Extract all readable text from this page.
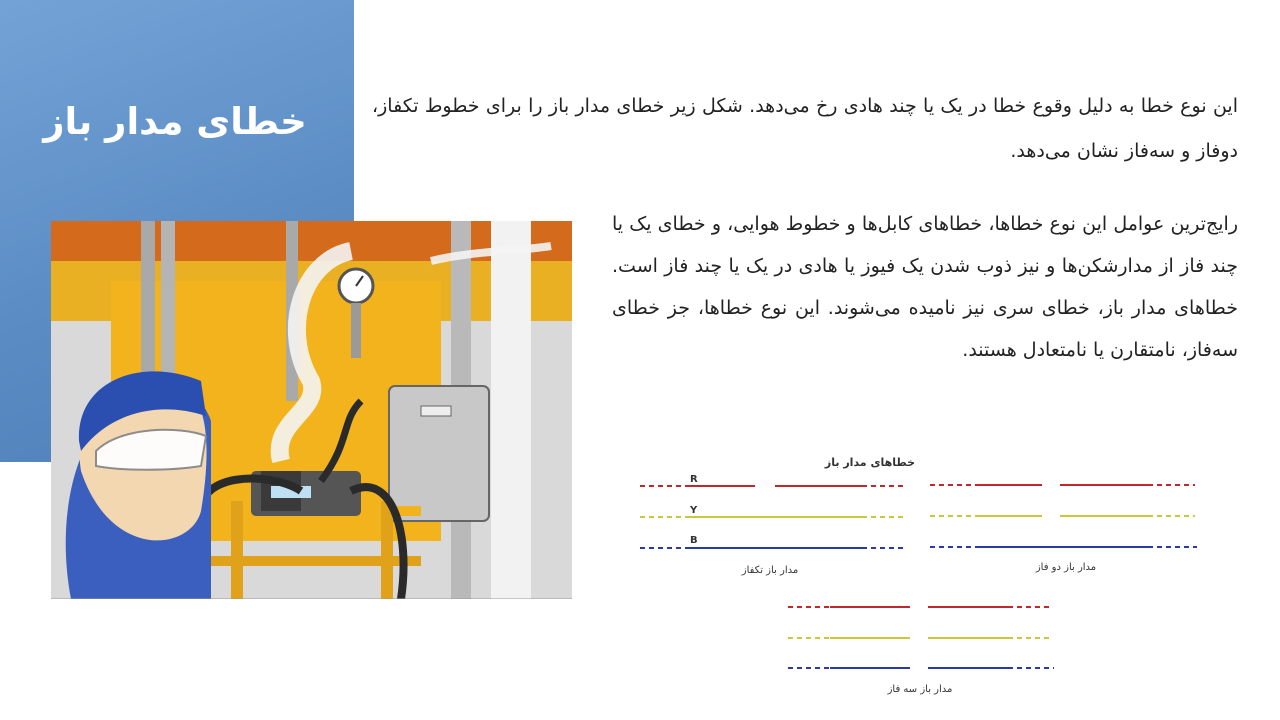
خطای مدار باز	این نوع خطا به دلیل وقوع خطا در یک یا چند هادی رخ می‌دهد. شکل زیر خطای مدار باز را برای خطوط تکفاز، دوفاز و سه‌فاز نشان می‌دهد.

رایج‌ترین عوامل این نوع خطاها، خطاهای کابل‌ها و خطوط هوایی، و خطای یک یا چند فاز از مدارشکن‌ها و نیز ذوب شدن یک فیوز یا هادی در یک یا چند فاز است. خطاهای مدار باز، خطای سری نیز نامیده می‌شوند. این نوع خطاها، جز خطای سه‌فاز، نامتقارن یا نامتعادل هستند.

خطاهای مدار باز
R
Y
B
مدار باز تکفاز	مدار باز دو فاز
مدار باز سه فاز
